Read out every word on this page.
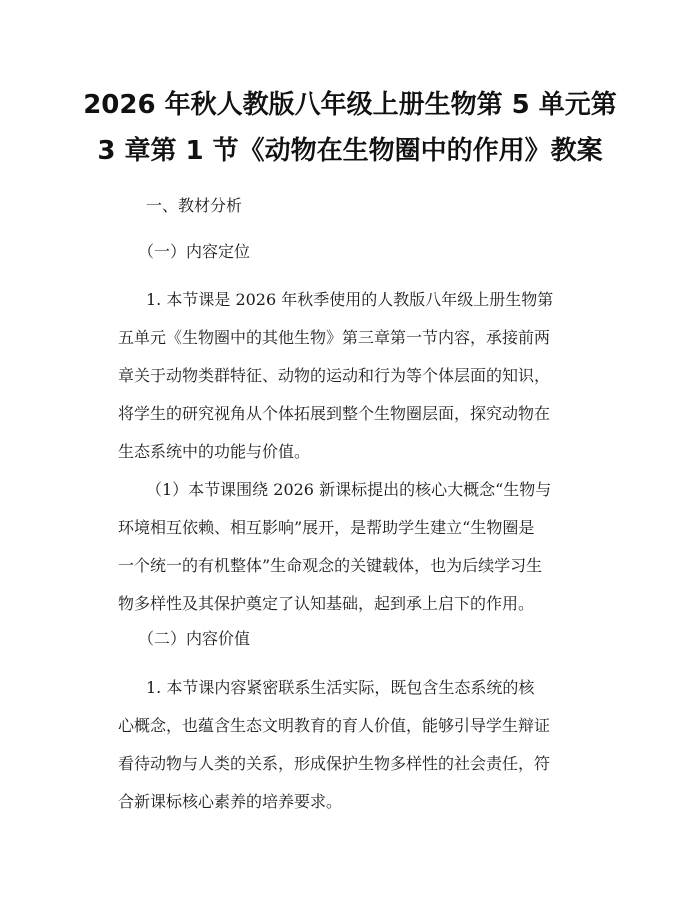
2026 年秋人教版八年级上册生物第 5 单元第
3 章第 1 节《动物在生物圈中的作用》教案
一、教材分析
（一）内容定位
1. 本节课是 2026 年秋季使用的人教版八年级上册生物第
五单元《生物圈中的其他生物》第三章第一节内容，承接前两
章关于动物类群特征、动物的运动和行为等个体层面的知识，
将学生的研究视角从个体拓展到整个生物圈层面，探究动物在
生态系统中的功能与价值。
（1）本节课围绕 2026 新课标提出的核心大概念“生物与
环境相互依赖、相互影响”展开，是帮助学生建立“生物圈是
一个统一的有机整体”生命观念的关键载体，也为后续学习生
物多样性及其保护奠定了认知基础，起到承上启下的作用。
（二）内容价值
1. 本节课内容紧密联系生活实际，既包含生态系统的核
心概念，也蕴含生态文明教育的育人价值，能够引导学生辩证
看待动物与人类的关系，形成保护生物多样性的社会责任，符
合新课标核心素养的培养要求。
